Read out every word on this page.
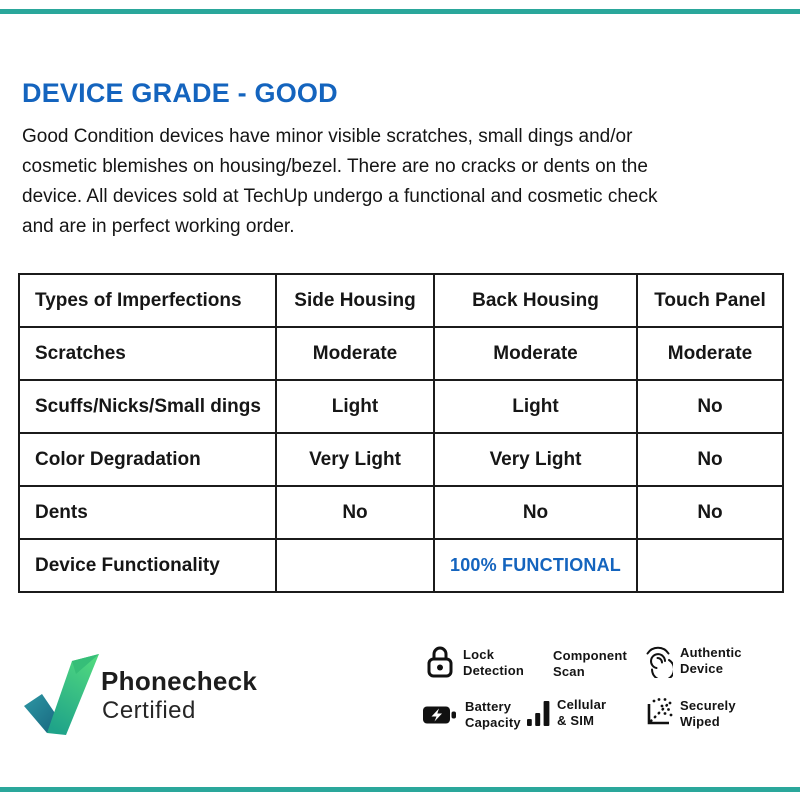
DEVICE GRADE - GOOD
Good Condition devices have minor visible scratches, small dings and/or
cosmetic blemishes on housing/bezel. There are no cracks or dents on the
device. All devices sold at TechUp undergo a functional and cosmetic check
and are in perfect working order.
Types of Imperfections	Side Housing	Back Housing	Touch Panel
Scratches	Moderate	Moderate	Moderate
Scuffs/Nicks/Small dings	Light	Light	No
Color Degradation	Very Light	Very Light	No
Dents	No	No	No
Device Functionality		100% FUNCTIONAL	
Phonecheck
Certified
Lock
Detection
Component
Scan
Authentic
Device
Battery
Capacity
Cellular
& SIM
Securely
Wiped
